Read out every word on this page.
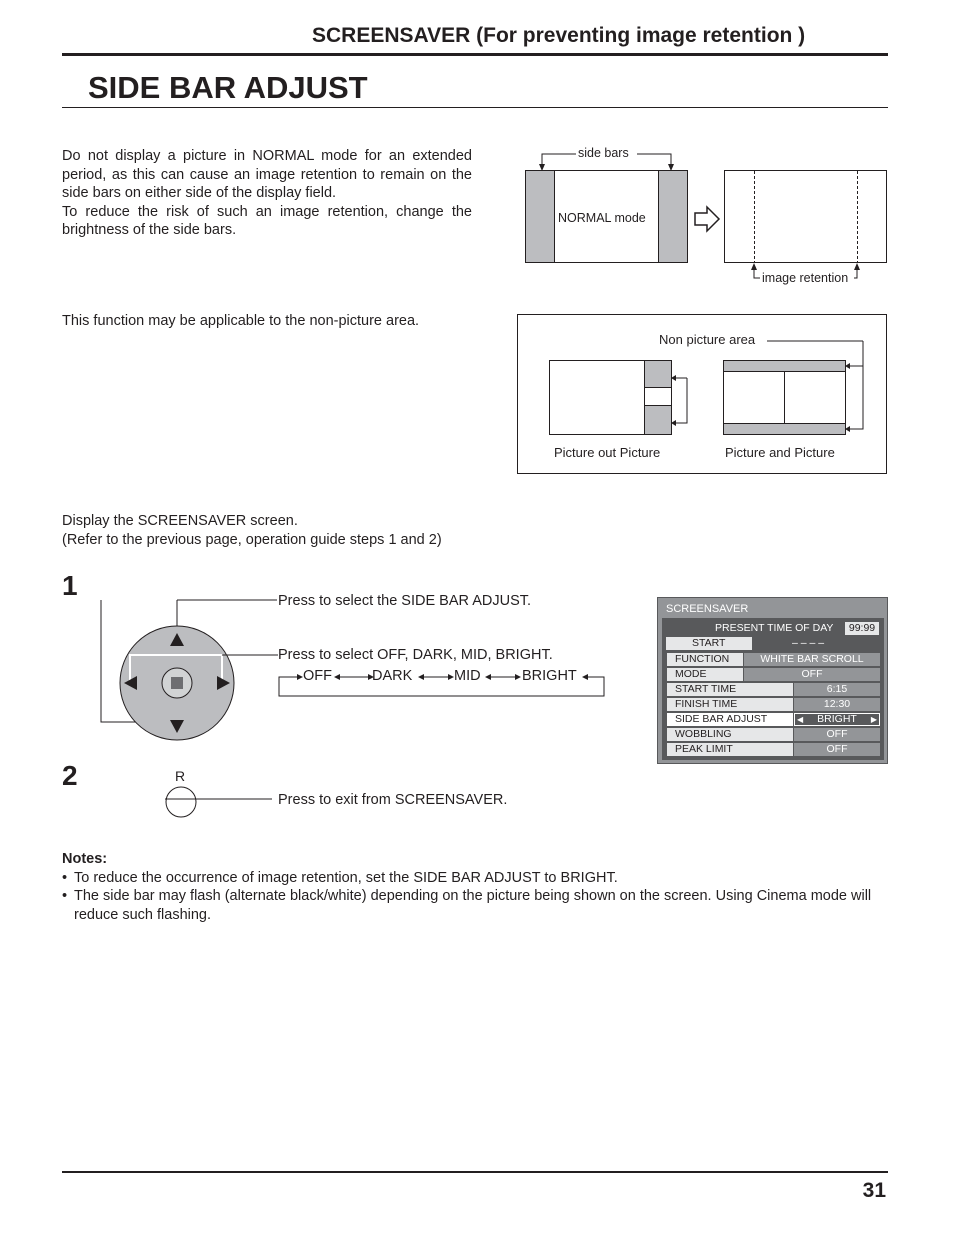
SCREENSAVER (For preventing image retention )
SIDE BAR ADJUST

Do not display a picture in NORMAL mode for an extended period, as this can cause an image retention to remain on the side bars on either side of the display field.

To reduce the risk of such an image retention, change the brightness of the side bars.

side bars
NORMAL mode
image retention
This function may be applicable to the non-picture area.
Non picture area
Picture out Picture	Picture and Picture
Display the SCREENSAVER screen.
(Refer to the previous page, operation guide steps 1 and 2)
1	Press to select the SIDE BAR ADJUST.
Press to select OFF, DARK, MID, BRIGHT.
OFF	DARK	MID	BRIGHT
2	R
Press to exit from SCREENSAVER.
SCREENSAVER
PRESENT TIME OF DAY	99:99
START	– – – –
FUNCTION	WHITE BAR SCROLL
MODE	OFF
START TIME	6:15
FINISH TIME	12:30
SIDE BAR ADJUST	◀ BRIGHT ▶
WOBBLING	OFF
PEAK LIMIT	OFF
Notes:
• To reduce the occurrence of image retention, set the SIDE BAR ADJUST to BRIGHT.
• The side bar may flash (alternate black/white) depending on the picture being shown on the screen. Using Cinema mode will reduce such flashing.
31
